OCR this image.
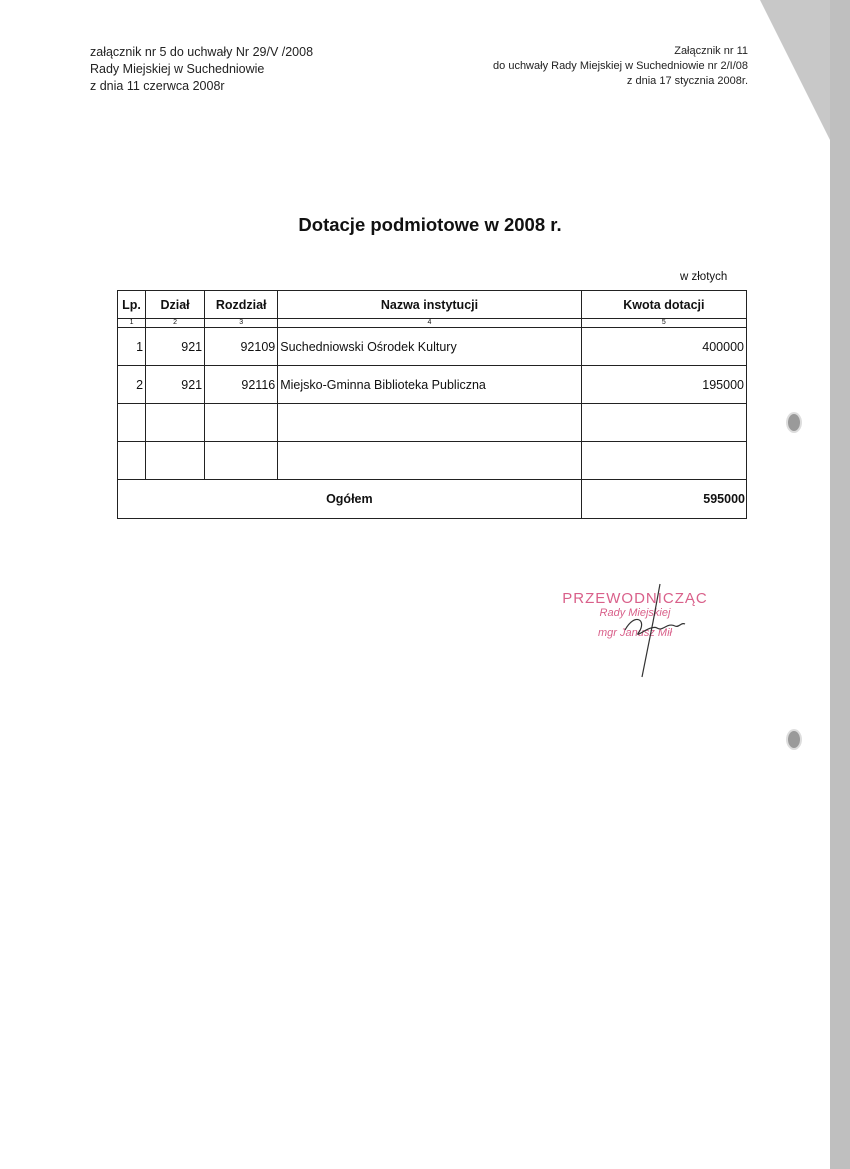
załącznik nr 5 do uchwały Nr 29/V /2008
Rady Miejskiej w Suchedniowie
z dnia 11 czerwca 2008r
Załącznik nr 11
do uchwały Rady Miejskiej w Suchedniowie nr 2/I/08
z dnia 17 stycznia 2008r.
Dotacje podmiotowe w 2008 r.
w złotych
Lp.	Dział	Rozdział	Nazwa instytucji	Kwota dotacji
1	2	3	4	5
1	921	92109	Suchedniowski Ośrodek Kultury	400000
2	921	92116	Miejsko-Gminna Biblioteka Publiczna	195000

Ogółem				595000
PRZEWODNICZĄC
Rady Miejskiej
mgr Janusz Mił
